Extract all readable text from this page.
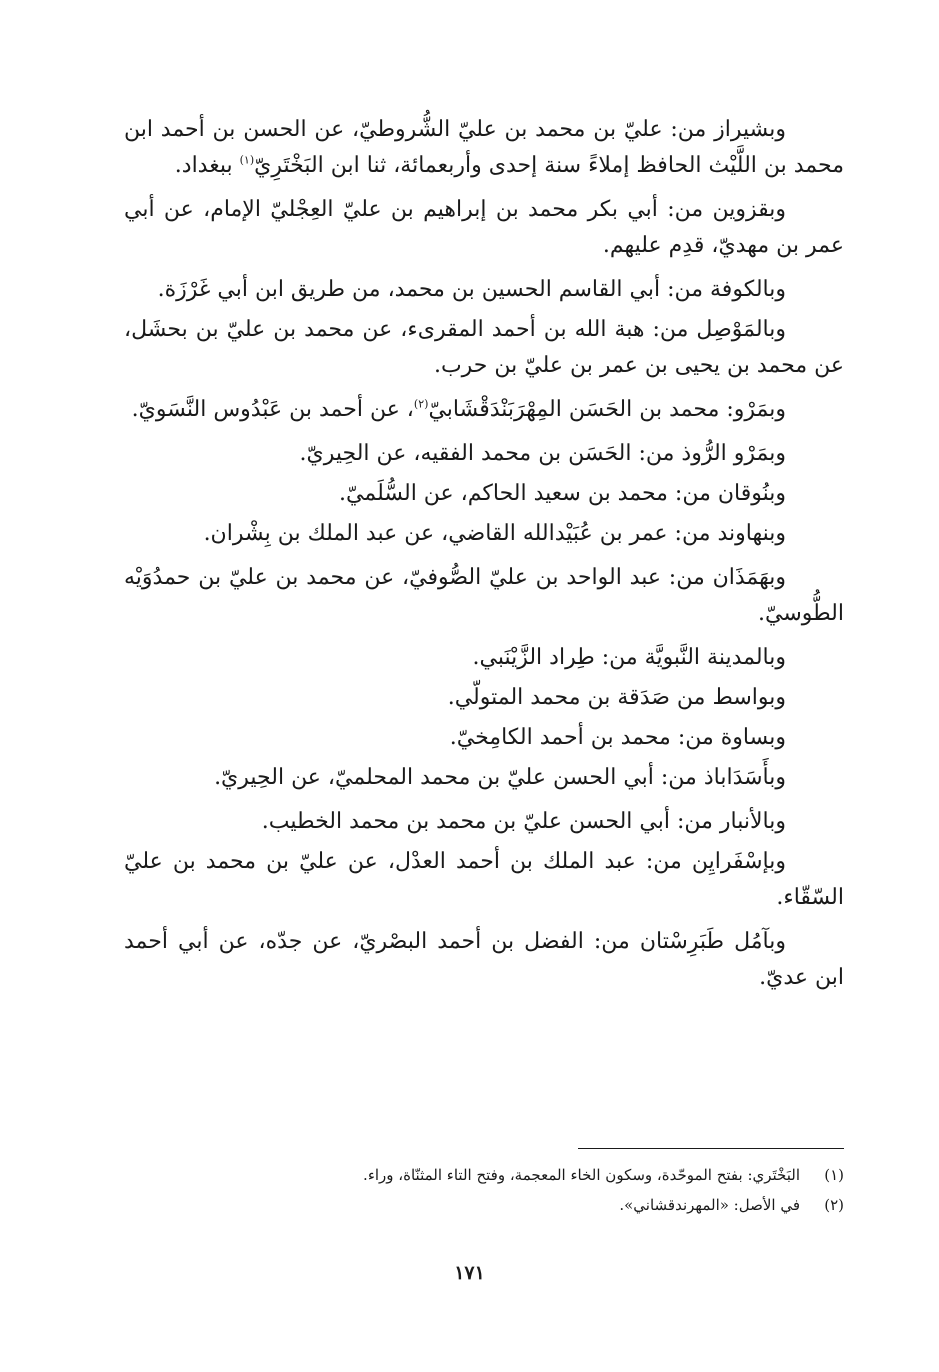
وبشيراز من: عليّ بن محمد بن عليّ الشُّروطيّ، عن الحسن بن أحمد ابن محمد بن اللَّيْث الحافظ إملاءً سنة إحدى وأربعمائة، ثنا ابن البَخْتَرِيّ$^{(١)}$ ببغداد.

وبقزوين من: أبي بكر محمد بن إبراهيم بن عليّ العِجْليّ الإمام، عن أبي عمر بن مهديّ، قدِم عليهم.

وبالكوفة من: أبي القاسم الحسين بن محمد، من طريق ابن أبي غَرْزَة.

وبالمَوْصِل من: هبة الله بن أحمد المقرىء، عن محمد بن عليّ بن بحشَل، عن محمد بن يحيى بن عمر بن عليّ بن حرب.

وبمَرْو: محمد بن الحَسَن المِهْرَبَنْدَقْشَابيّ$^{(٢)}$، عن أحمد بن عَبْدُوس النَّسَويّ.

وبمَرْو الرُّوذ من: الحَسَن بن محمد الفقيه، عن الحِيريّ.

وبنُوقان من: محمد بن سعيد الحاكم، عن السُّلَميّ.

وبنهاوند من: عمر بن عُبَيْدالله القاضي، عن عبد الملك بن بِشْران.

وبهَمَذَان من: عبد الواحد بن عليّ الصُّوفيّ، عن محمد بن عليّ بن حمدُوَيْه الطُّوسيّ.

وبالمدينة النَّبويَّة من: طِراد الزَّيْنَبي.

وبواسط من صَدَقة بن محمد المتولّي.

وبساوة من: محمد بن أحمد الكامِخيّ.

وبأَسَدَاباذ من: أبي الحسن عليّ بن محمد المحلميّ، عن الحِيريّ.

وبالأنبار من: أبي الحسن عليّ بن محمد بن محمد الخطيب.

وبإسْفَرايِن من: عبد الملك بن أحمد العدْل، عن عليّ بن محمد بن عليّ السّقّاء.

وبآمُل طَبَرِسْتان من: الفضل بن أحمد البصْريّ، عن جدّه، عن أبي أحمد ابن عديّ.

(١)البَخْتَري: بفتح الموحّدة، وسكون الخاء المعجمة، وفتح التاء المثنّاة، وراء.

(٢)في الأصل: «المهرندقشاني».

١٧١
